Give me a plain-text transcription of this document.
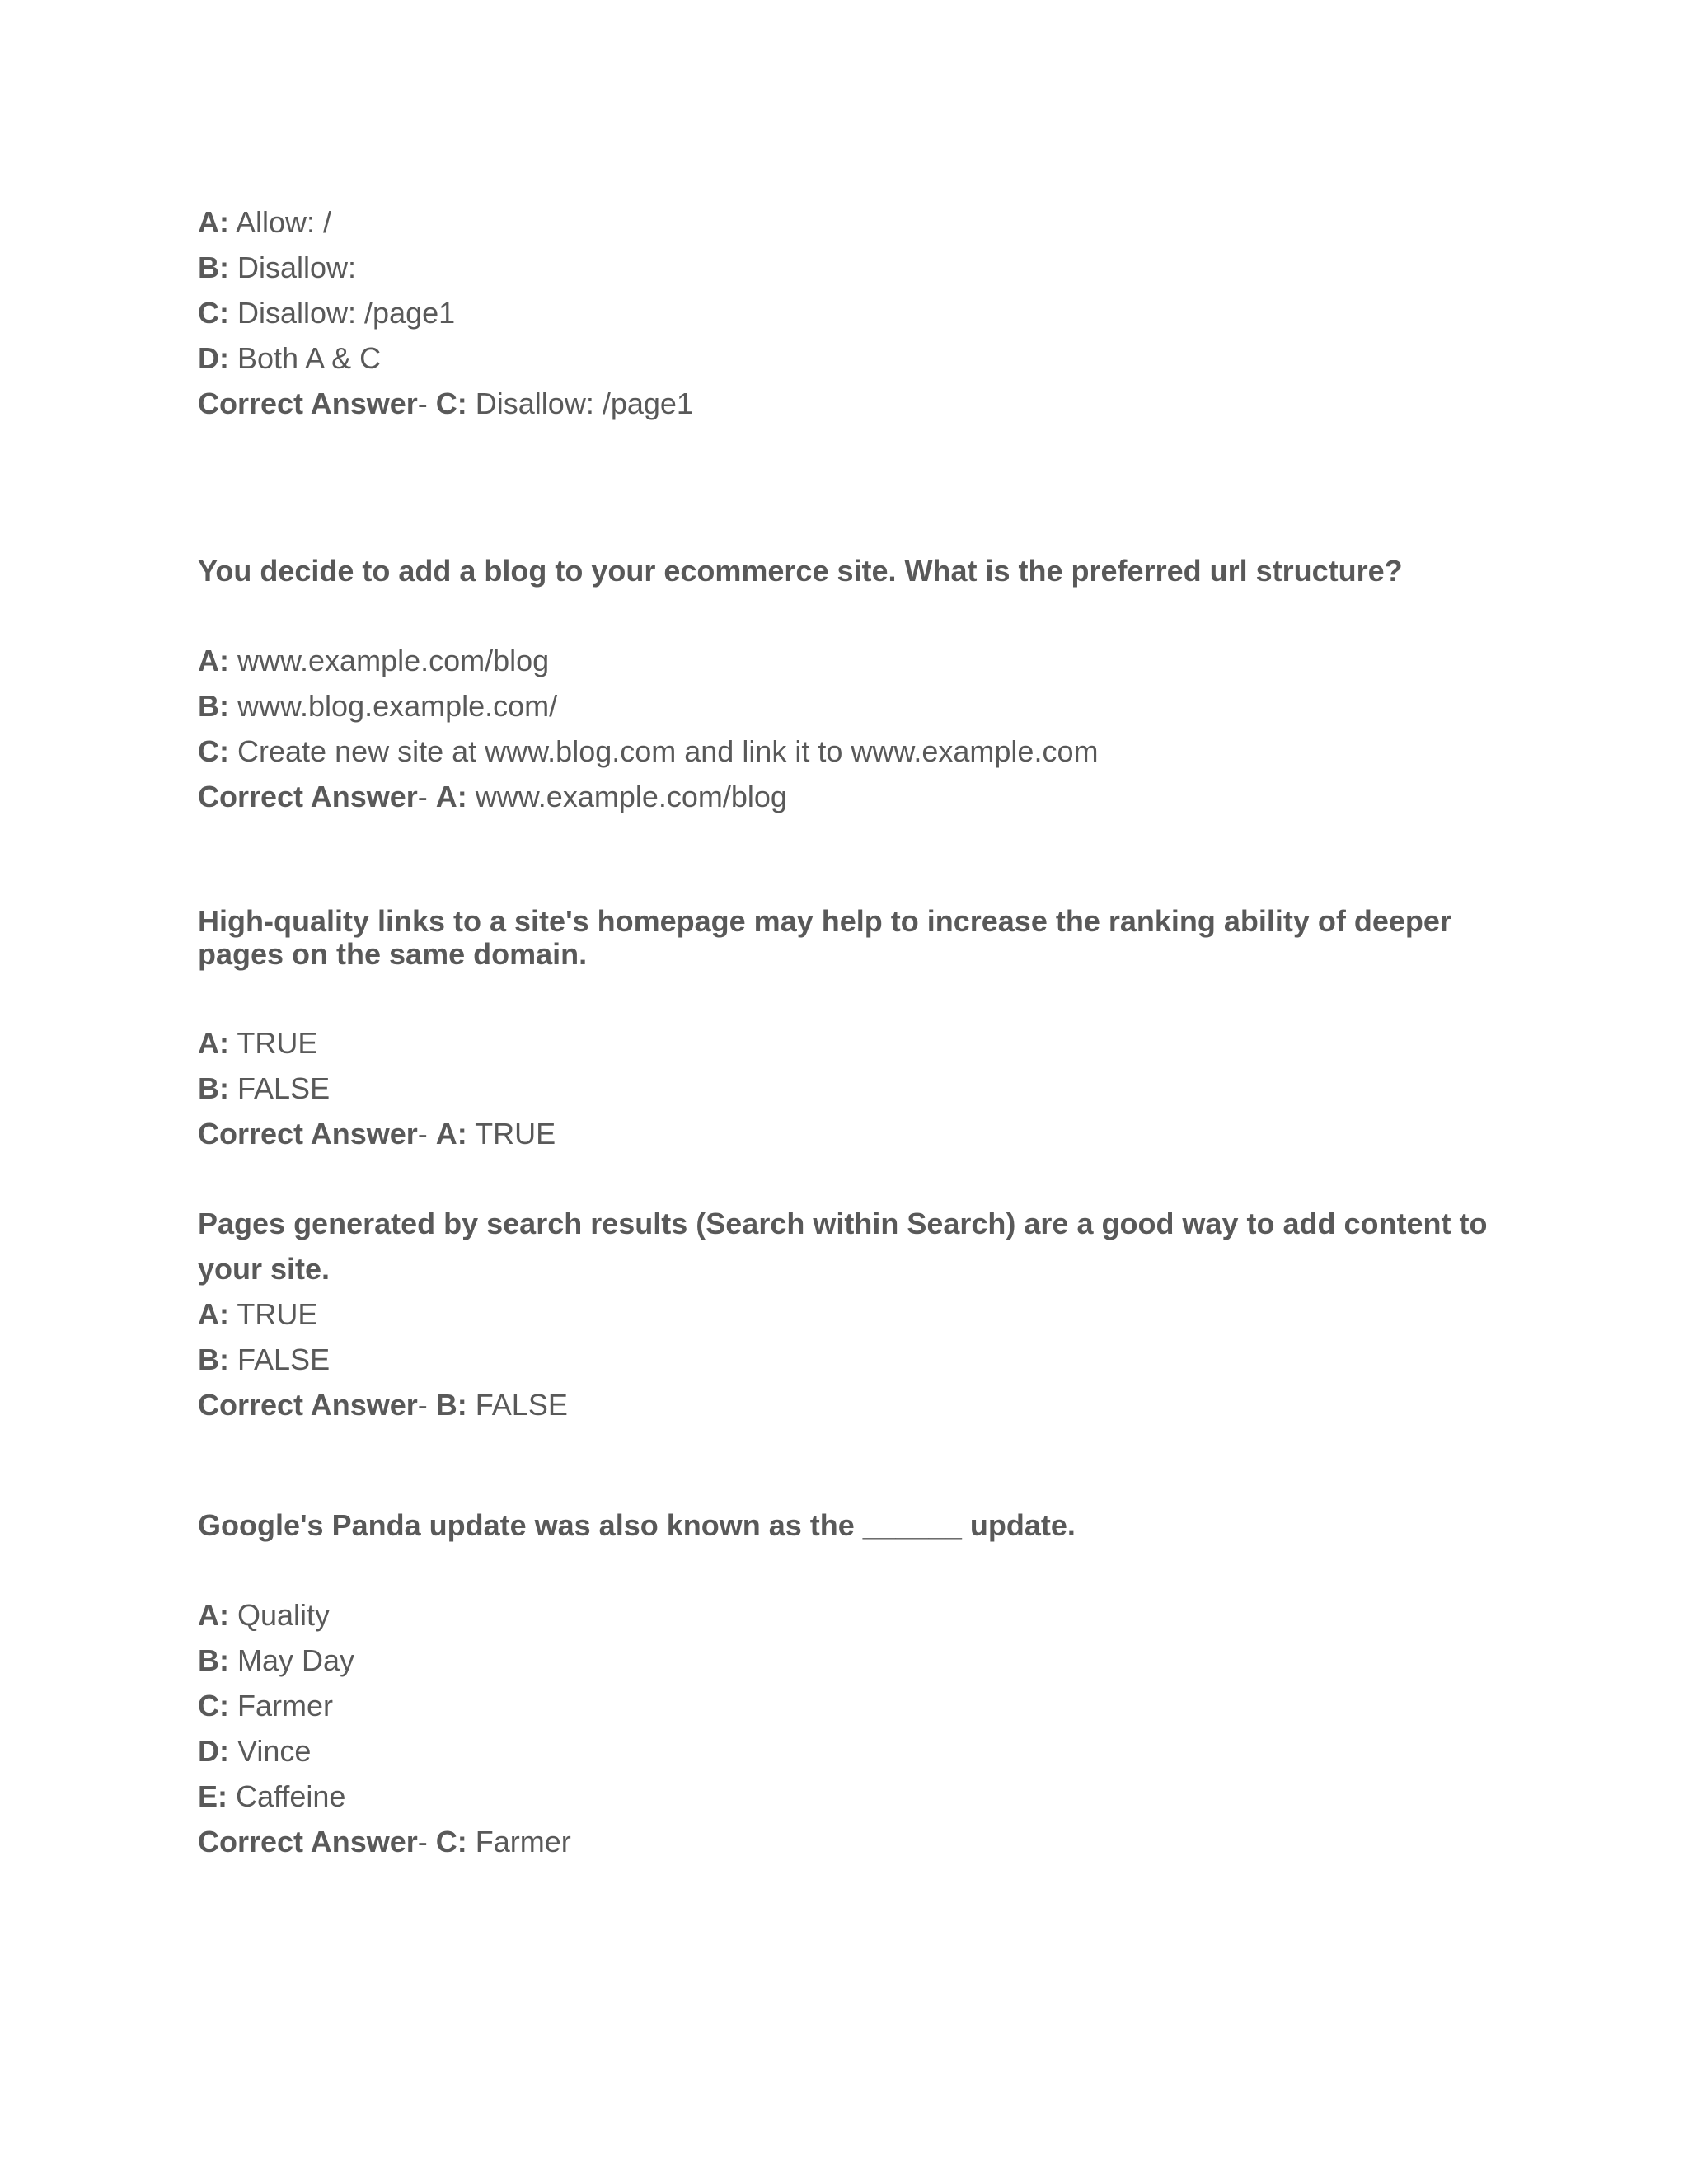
A: Allow: /
B: Disallow:
C: Disallow: /page1
D: Both A & C
Correct Answer- C: Disallow: /page1
You decide to add a blog to your ecommerce site. What is the preferred url structure?
A: www.example.com/blog
B: www.blog.example.com/
C: Create new site at www.blog.com and link it to www.example.com
Correct Answer- A: www.example.com/blog
High-quality links to a site's homepage may help to increase the ranking ability of deeper
pages on the same domain.
A: TRUE
B: FALSE
Correct Answer- A: TRUE
Pages generated by search results (Search within Search) are a good way to add content to
your site.
A: TRUE
B: FALSE
Correct Answer- B: FALSE
Google's Panda update was also known as the ______ update.
A: Quality
B: May Day
C: Farmer
D: Vince
E: Caffeine
Correct Answer- C: Farmer
